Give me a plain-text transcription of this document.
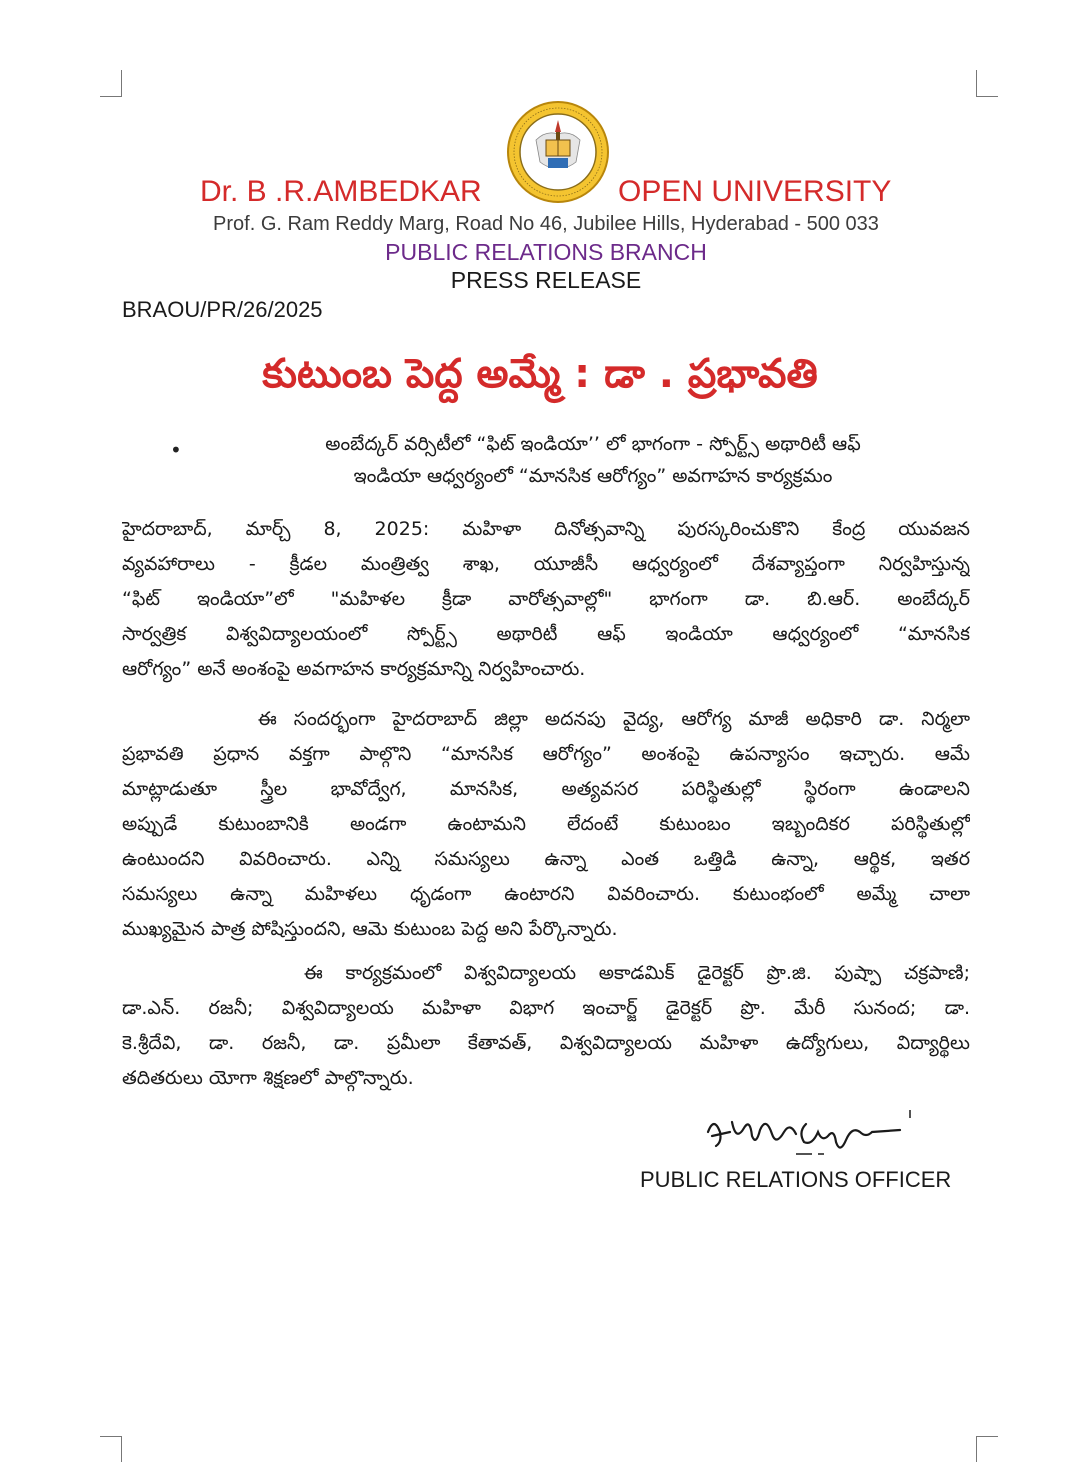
Dr. B .R.AMBEDKAR	OPEN UNIVERSITY
Prof. G. Ram Reddy Marg, Road No 46, Jubilee Hills, Hyderabad - 500 033
PUBLIC RELATIONS BRANCH
PRESS RELEASE
BRAOU/PR/26/2025
కుటుంబ పెద్ద అమ్మే : డా . ప్రభావతి
•	అంబేద్కర్ వర్సిటీలో “ఫిట్ ఇండియా’’ లో భాగంగా - స్పోర్ట్స్ అథారిటీ ఆఫ్
ఇండియా ఆధ్వర్యంలో “మానసిక ఆరోగ్యం” అవగాహన కార్యక్రమం
హైదరాబాద్, మార్చ్ 8, 2025: మహిళా దినోత్సవాన్ని పురస్కరించుకొని కేంద్ర యువజన
వ్యవహారాలు - క్రీడల మంత్రిత్వ శాఖ, యూజీసీ ఆధ్వర్యంలో దేశవ్యాప్తంగా నిర్వహిస్తున్న
“ఫిట్ ఇండియా”లో "మహిళల క్రీడా వారోత్సవాల్లో" భాగంగా డా. బి.ఆర్. అంబేద్కర్
సార్వత్రిక విశ్వవిద్యాలయంలో స్పోర్ట్స్ అథారిటీ ఆఫ్ ఇండియా ఆధ్వర్యంలో “మానసిక
ఆరోగ్యం” అనే అంశంపై అవగాహన కార్యక్రమాన్ని నిర్వహించారు.
ఈ సందర్భంగా హైదరాబాద్ జిల్లా అదనపు వైద్య, ఆరోగ్య మాజీ అధికారి డా. నిర్మలా
ప్రభావతి ప్రధాన వక్తగా పాల్గొని “మానసిక ఆరోగ్యం” అంశంపై ఉపన్యాసం ఇచ్చారు. ఆమే
మాట్లాడుతూ స్త్రీల భావోద్వేగ, మానసిక, అత్యవసర పరిస్థితుల్లో స్థిరంగా ఉండాలని
అప్పుడే కుటుంబానికి అండగా ఉంటామని లేదంటే కుటుంబం ఇబ్బందికర పరిస్థితుల్లో
ఉంటుందని వివరించారు. ఎన్ని సమస్యలు ఉన్నా ఎంత ఒత్తిడి ఉన్నా, ఆర్థిక, ఇతర
సమస్యలు ఉన్నా మహిళలు ధృడంగా ఉంటారని వివరించారు. కుటుంభంలో అమ్మే చాలా
ముఖ్యమైన పాత్ర పోషిస్తుందని, ఆమె కుటుంబ పెద్ద అని పేర్కొన్నారు.
ఈ కార్యక్రమంలో విశ్వవిద్యాలయ అకాడమిక్ డైరెక్టర్ ప్రొ.జి. పుష్పా చక్రపాణి;
డా.ఎన్. రజనీ; విశ్వవిద్యాలయ మహిళా విభాగ ఇంచార్జ్ డైరెక్టర్ ప్రొ. మేరీ సునంద; డా.
కె.శ్రీదేవి, డా. రజనీ, డా. ప్రమీలా కేతావత్, విశ్వవిద్యాలయ మహిళా ఉద్యోగులు, విద్యార్థిలు
తదితరులు యోగా శిక్షణలో పాల్గొన్నారు.
PUBLIC RELATIONS OFFICER
